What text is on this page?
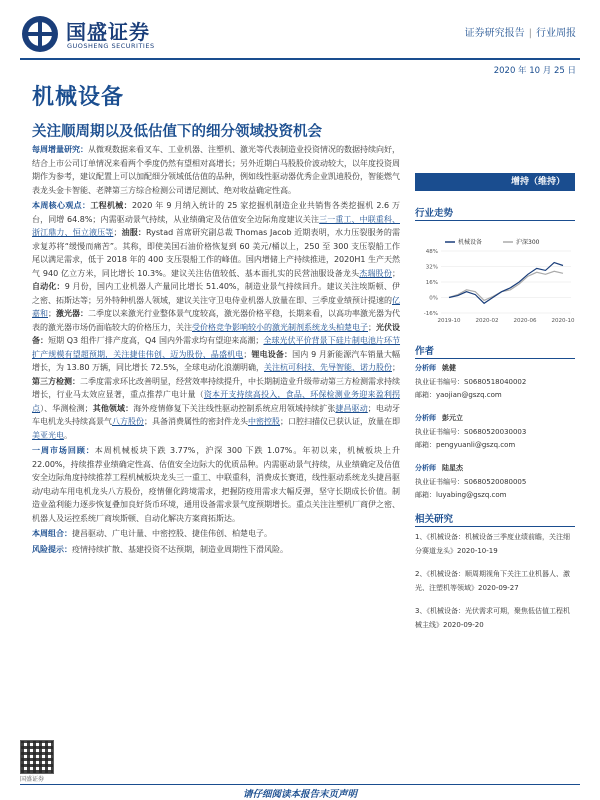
国盛证券
GUOSHENG SECURITIES
证券研究报告 | 行业周报
2020 年 10 月 25 日
机械设备
关注顺周期以及低估值下的细分领域投资机会

每周增量研究：从微观数据来看叉车、工业机器、注塑机、激光等代表制造业投资情况的数据持续向好，结合上市公司订单情况来看两个季度仍然有望相对高增长；另外近期白马股股价波动较大，以年度投资周期作为参考，建议配置上可以加配细分领域低估值的品种，例如线性驱动器优秀企业凯迪股份，智能燃气表龙头金卡智能、老牌第三方综合检测公司谱尼测试、绝对收益确定性高。

本周核心观点：工程机械：2020 年 9 月纳入统计的 25 家挖掘机制造企业共销售各类挖掘机 2.6 万台，同增 64.8%；内需驱动景气持续，从业绩确定及估值安全边际角度建议关注三一重工、中联重科、浙江鼎力、恒立液压等；油服：Rystad 首席研究副总裁 Thomas Jacob 近期表明，水力压裂服务的需求复苏将“缓慢而痛苦”。其称，即使美国石油价格恢复到 60 美元/桶以上，250 至 300 支压裂船工作尾以满足需求，低于 2018 年的 400 支压裂船工作的峰值。国内增储上产持续推进，2020H1 生产天然气 940 亿立方米，同比增长 10.3%。建议关注估值较低、基本面扎实的民营油服设备龙头杰瑞股份；自动化：9 月份，国内工业机器人产量同比增长 51.40%，制造业景气持续回升。建议关注埃斯顿、伊之密、拓斯达等；另外特种机器人领域，建议关注守卫电侍业机器人放量在即、三季度业绩预计提速的亿嘉和；激光器：二季度以来激光行业整体景气度较高，激光器价格平稳，长期来看，以高功率激光器为代表的激光器市场仍面临较大的价格压力，关注受价格竞争影响较小的激光制剂系统龙头柏楚电子；光伏设备：短期 Q3 组件厂排产度高，Q4 国内外需求均有望迎来高潮；全球光伏平价背景下硅片制电池片环节扩产规模有望超预期，关注捷佳伟创、迈为股份、晶盛机电；锂电设备：国内 9 月新能源汽车销量大幅增长，为 13.80 万辆，同比增长 72.5%，全球电动化浪潮明确，关注杭可科技、先导智能、诺力股份；第三方检测：二季度需求环比改善明显，经营效率持续提升，中长期制造业升级带动第三方检测需求持续增长，行业马太效应显著，重点推荐广电计量（资本开支持续高投入，食品、环保检测业务迎来盈利拐点）、华测检测；其他领域：海外疫情修复下关注线性驱动控制系统应用领域持续扩张捷昌驱动；电动牙车电机龙头持续高景气八方股份；具备消费属性的密封件龙头中密控股；口腔扫描仪已获认证，放量在即美亚光电。

一周市场回顾：本周机械板块下跌 3.77%，沪深 300 下跌 1.07%。年初以来，机械板块上升 22.00%，持续推荐业绩确定性高、估值安全边际大的优质品种。内需驱动景气持续，从业绩确定及估值安全边际角度持续推荐工程机械板块龙头三一重工、中联重科，消费成长赛道，线性驱动系统龙头捷昌驱动/电动车用电机龙头八方股份，疫情催化跨境需求，把握防疫用需求大幅反弹，坚守长期成长价值。制造业盈利能力逐步恢复叠加良好货币环境，通用设备需求景气度预期增长。重点关注注塑机厂商伊之密、机器人及运控系统厂商埃斯顿、自动化解决方案商拓斯达。

本周组合：捷昌驱动、广电计量、中密控股、捷佳伟创、柏楚电子。

风险提示：疫情持续扩散、基建投资不达预期，制造业周期性下滑风险。

增持（维持）
行业走势
机械设备	沪深300
48%
32%
16%
0%
-16%
2019-10	2020-02	2020-06	2020-10
作者
分析师 姚健
执业证书编号：S0680518040002
邮箱：yaojian@gszq.com
分析师 彭元立
执业证书编号：S0680520030003
邮箱：pengyuanli@gszq.com
分析师 陆星杰
执业证书编号：S0680520080005
邮箱：luyabing@gszq.com
相关研究

1、《机械设备：机械设备三季度业绩前瞻，关注细分赛道龙头》2020-10-19

2、《机械设备：顺周期视角下关注工业机器人、激光、注塑机等领域》2020-09-27

3、《机械设备：光伏需求可期，聚焦低估值工程机械主线》2020-09-20

国盛证券
请仔细阅读本报告末页声明
